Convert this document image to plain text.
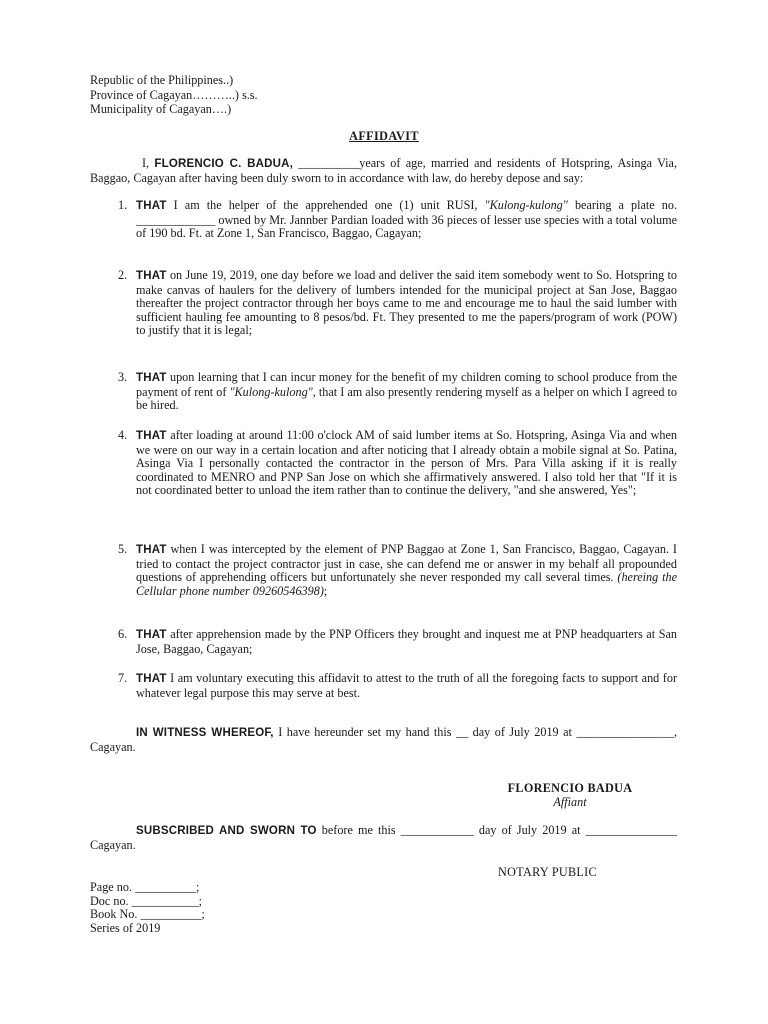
Republic of the Philippines..)
Province of Cagayan………..) s.s.
Municipality of Cagayan….)
AFFIDAVIT
I, FLORENCIO C. BADUA, __________years of age, married and residents of Hotspring, Asinga Via, Baggao, Cagayan after having been duly sworn to in accordance with law, do hereby depose and say:
1. THAT I am the helper of the apprehended one (1) unit RUSI, "Kulong-kulong" bearing a plate no. _____________ owned by Mr. Jannber Pardian loaded with 36 pieces of lesser use species with a total volume of 190 bd. Ft. at Zone 1, San Francisco, Baggao, Cagayan;
2. THAT on June 19, 2019, one day before we load and deliver the said item somebody went to So. Hotspring to make canvas of haulers for the delivery of lumbers intended for the municipal project at San Jose, Baggao thereafter the project contractor through her boys came to me and encourage me to haul the said lumber with sufficient hauling fee amounting to 8 pesos/bd. Ft. They presented to me the papers/program of work (POW) to justify that it is legal;
3. THAT upon learning that I can incur money for the benefit of my children coming to school produce from the payment of rent of "Kulong-kulong", that I am also presently rendering myself as a helper on which I agreed to be hired.
4. THAT after loading at around 11:00 o'clock AM of said lumber items at So. Hotspring, Asinga Via and when we were on our way in a certain location and after noticing that I already obtain a mobile signal at So. Patina, Asinga Via I personally contacted the contractor in the person of Mrs. Para Villa asking if it is really coordinated to MENRO and PNP San Jose on which she affirmatively answered. I also told her that "If it is not coordinated better to unload the item rather than to continue the delivery, "and she answered, Yes";
5. THAT when I was intercepted by the element of PNP Baggao at Zone 1, San Francisco, Baggao, Cagayan. I tried to contact the project contractor just in case, she can defend me or answer in my behalf all propounded questions of apprehending officers but unfortunately she never responded my call several times. (hereing the Cellular phone number 09260546398);
6. THAT after apprehension made by the PNP Officers they brought and inquest me at PNP headquarters at San Jose, Baggao, Cagayan;
7. THAT I am voluntary executing this affidavit to attest to the truth of all the foregoing facts to support and for whatever legal purpose this may serve at best.
IN WITNESS WHEREOF, I have hereunder set my hand this __ day of July 2019 at ________________, Cagayan.
FLORENCIO BADUA
Affiant
SUBSCRIBED AND SWORN TO before me this ____________ day of July 2019 at _______________ Cagayan.
NOTARY PUBLIC
Page no. __________;
Doc no. ___________;
Book No. __________;
Series of 2019
